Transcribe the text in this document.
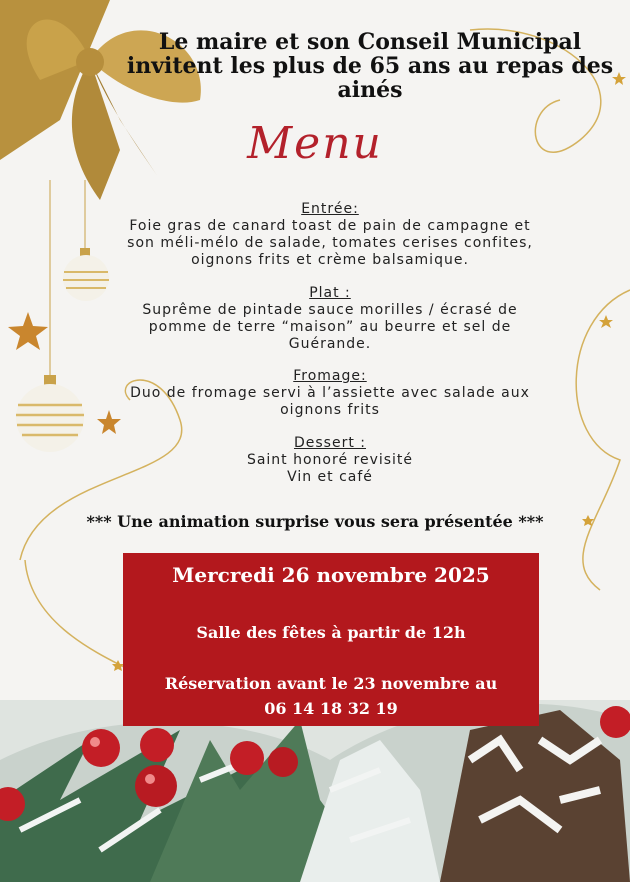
Le maire et son Conseil Municipal
invitent les plus de 65 ans au repas des
ainés
Menu
Entrée:
Foie gras de canard toast de pain de campagne et
son méli-mélo de salade, tomates cerises confites,
oignons frits et crème balsamique.
Plat :
Suprême de pintade sauce morilles / écrasé de
pomme de terre “maison” au beurre et sel de
Guérande.
Fromage:
Duo de fromage servi à l’assiette avec salade aux
oignons frits
Dessert :
Saint honoré revisité
Vin et café
*** Une animation surprise vous sera présentée ***
Mercredi 26 novembre 2025
Salle des fêtes à partir de 12h
Réservation avant le 23 novembre au
06 14 18 32 19
